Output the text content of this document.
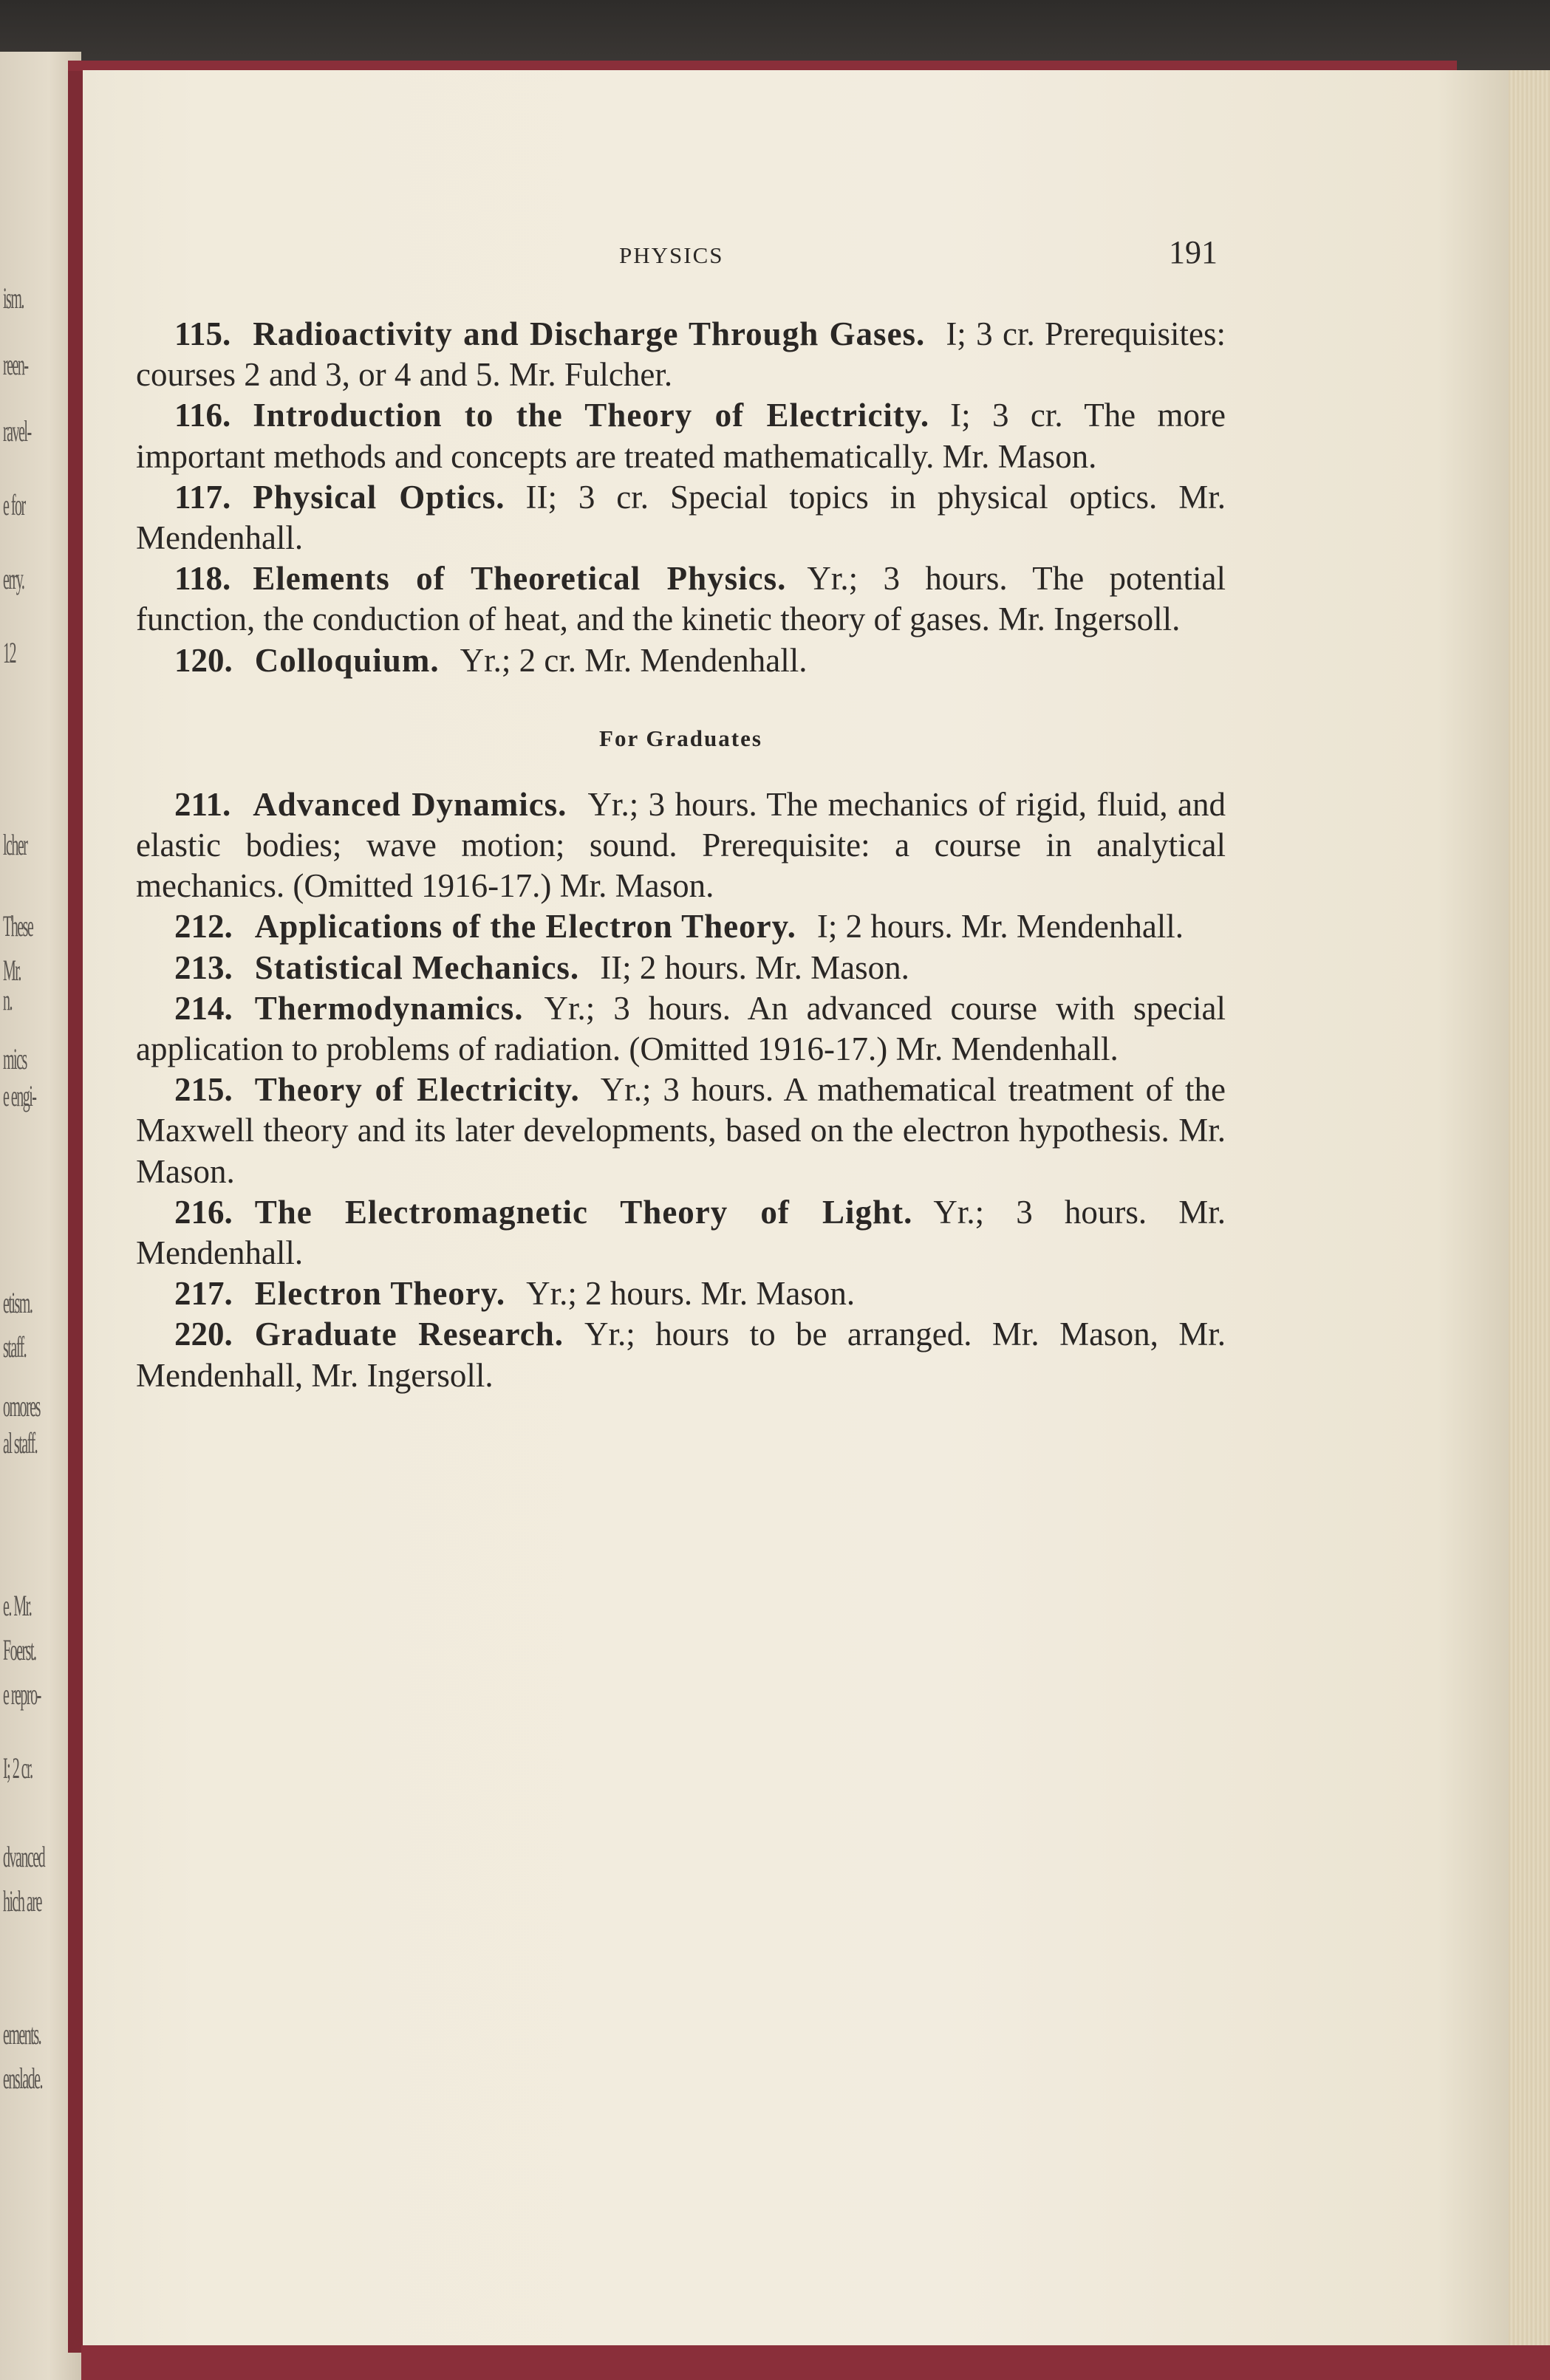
ism.
reen-
ravel-
e for
erry.
12
lcher
These
Mr.
n.
mics
e engi-
etism.
staff.
omores
al staff.
e. Mr.
Foerst.
e repro-
I; 2 cr.
dvanced
hich are
ements.
enslade.
PHYSICS	191

115. Radioactivity and Discharge Through Gases. I; 3 cr. Prerequisites: courses 2 and 3, or 4 and 5. Mr. Fulcher.

116. Introduction to the Theory of Electricity. I; 3 cr. The more important methods and concepts are treated mathematically. Mr. Mason.

117. Physical Optics. II; 3 cr. Special topics in physical optics. Mr. Mendenhall.

118. Elements of Theoretical Physics. Yr.; 3 hours. The potential function, the conduction of heat, and the kinetic theory of gases. Mr. Ingersoll.

120. Colloquium. Yr.; 2 cr. Mr. Mendenhall.

For Graduates

211. Advanced Dynamics. Yr.; 3 hours. The mechanics of rigid, fluid, and elastic bodies; wave motion; sound. Prerequisite: a course in analytical mechanics. (Omitted 1916-17.) Mr. Mason.

212. Applications of the Electron Theory. I; 2 hours. Mr. Mendenhall.

213. Statistical Mechanics. II; 2 hours. Mr. Mason.

214. Thermodynamics. Yr.; 3 hours. An advanced course with special application to problems of radiation. (Omitted 1916-17.) Mr. Mendenhall.

215. Theory of Electricity. Yr.; 3 hours. A mathematical treatment of the Maxwell theory and its later developments, based on the electron hypothesis. Mr. Mason.

216. The Electromagnetic Theory of Light. Yr.; 3 hours. Mr. Mendenhall.

217. Electron Theory. Yr.; 2 hours. Mr. Mason.

220. Graduate Research. Yr.; hours to be arranged. Mr. Mason, Mr. Mendenhall, Mr. Ingersoll.
